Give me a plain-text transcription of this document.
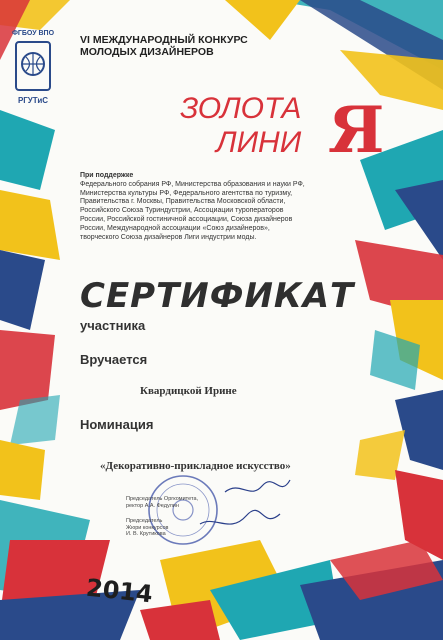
ФГБОУ ВПО
РГУТиС
VI МЕЖДУНАРОДНЫЙ КОНКУРС МОЛОДЫХ ДИЗАЙНЕРОВ
ЗОЛОТА
ЛИНИ Я
При поддержке
Федерального собрания РФ, Министерства образования и науки РФ, Министерства культуры РФ, Федерального агентства по туризму, Правительства г. Москвы, Правительства Московской области, Российского Союза Туриндустрии, Ассоциации туроператоров России, Российской гостиничной ассоциации, Союза дизайнеров России, Международной ассоциации «Союз дизайнеров», творческого Союза дизайнеров Лиги индустрии моды.
СЕРТИФИКАТ
участника
Вручается
Квардицкой Ирине
Номинация
«Декоративно-прикладное искусство»
Председатель Оргкомитета,
ректор А.А. Федулин
Председатель
Жюри конкурсов
И. В. Крутикова
2014
